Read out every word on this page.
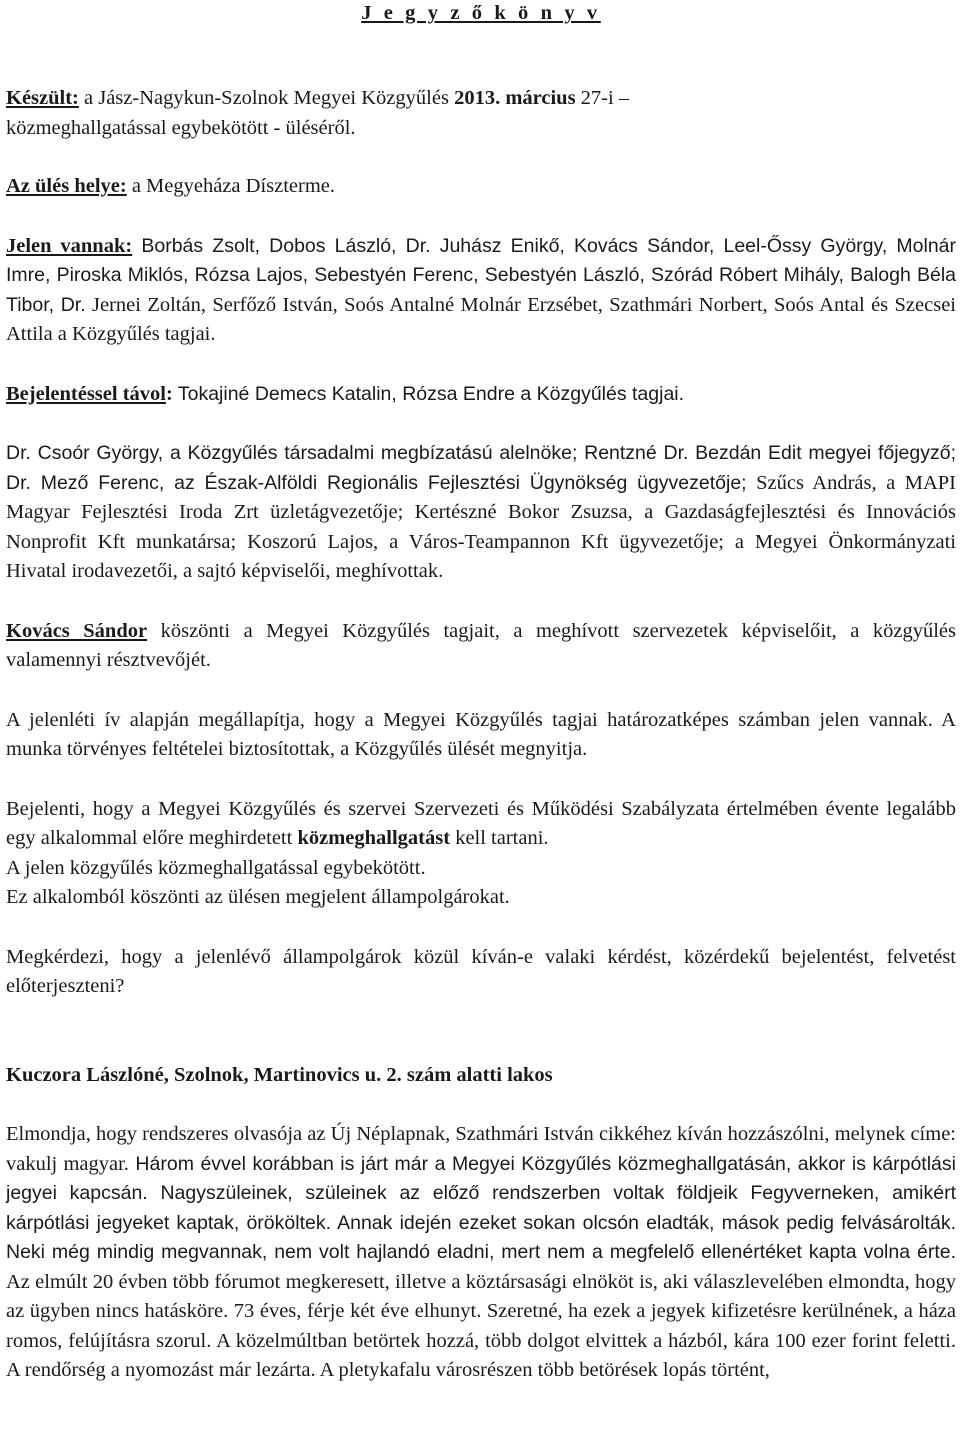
J e g y z ő k ö n y v

Készült: a Jász-Nagykun-Szolnok Megyei Közgyűlés 2013. március 27-i –
közmeghallgatással egybekötött - üléséről.

Az ülés helye: a Megyeháza Díszterme.

Jelen vannak: Borbás Zsolt, Dobos László, Dr. Juhász Enikő, Kovács Sándor, Leel-Őssy György, Molnár Imre, Piroska Miklós, Rózsa Lajos, Sebestyén Ferenc, Sebestyén László, Szórád Róbert Mihály, Balogh Béla Tibor, Dr. Jernei Zoltán, Serfőző István, Soós Antalné Molnár Erzsébet, Szathmári Norbert, Soós Antal és Szecsei Attila a Közgyűlés tagjai.

Bejelentéssel távol: Tokajiné Demecs Katalin, Rózsa Endre a Közgyűlés tagjai.

Dr. Csoór György, a Közgyűlés társadalmi megbízatású alelnöke; Rentzné Dr. Bezdán Edit megyei főjegyző; Dr. Mező Ferenc, az Észak-Alföldi Regionális Fejlesztési Ügynökség ügyvezetője; Szűcs András, a MAPI Magyar Fejlesztési Iroda Zrt üzletágvezetője; Kertészné Bokor Zsuzsa, a Gazdaságfejlesztési és Innovációs Nonprofit Kft munkatársa; Koszorú Lajos, a Város-Teampannon Kft ügyvezetője; a Megyei Önkormányzati Hivatal irodavezetői, a sajtó képviselői, meghívottak.

Kovács Sándor köszönti a Megyei Közgyűlés tagjait, a meghívott szervezetek képviselőit, a közgyűlés valamennyi résztvevőjét.

A jelenléti ív alapján megállapítja, hogy a Megyei Közgyűlés tagjai határozatképes számban jelen vannak. A munka törvényes feltételei biztosítottak, a Közgyűlés ülését megnyitja.

Bejelenti, hogy a Megyei Közgyűlés és szervei Szervezeti és Működési Szabályzata értelmében évente legalább egy alkalommal előre meghirdetett közmeghallgatást kell tartani.

A jelen közgyűlés közmeghallgatással egybekötött.

Ez alkalomból köszönti az ülésen megjelent állampolgárokat.

Megkérdezi, hogy a jelenlévő állampolgárok közül kíván-e valaki kérdést, közérdekű bejelentést, felvetést előterjeszteni?

Kuczora Lászlóné, Szolnok, Martinovics u. 2. szám alatti lakos

Elmondja, hogy rendszeres olvasója az Új Néplapnak, Szathmári István cikkéhez kíván hozzászólni, melynek címe: vakulj magyar. Három évvel korábban is járt már a Megyei Közgyűlés közmeghallgatásán, akkor is kárpótlási jegyei kapcsán. Nagyszüleinek, szüleinek az előző rendszerben voltak földjeik Fegyverneken, amikért kárpótlási jegyeket kaptak, örököltek. Annak idején ezeket sokan olcsón eladták, mások pedig felvásárolták. Neki még mindig megvannak, nem volt hajlandó eladni, mert nem a megfelelő ellenértéket kapta volna érte. Az elmúlt 20 évben több fórumot megkeresett, illetve a köztársasági elnököt is, aki válaszlevelében elmondta, hogy az ügyben nincs hatásköre. 73 éves, férje két éve elhunyt. Szeretné, ha ezek a jegyek kifizetésre kerülnének, a háza romos, felújításra szorul. A közelmúltban betörtek hozzá, több dolgot elvittek a házból, kára 100 ezer forint feletti. A rendőrség a nyomozást már lezárta. A pletykafalu városrészen több betörések lopás történt,
